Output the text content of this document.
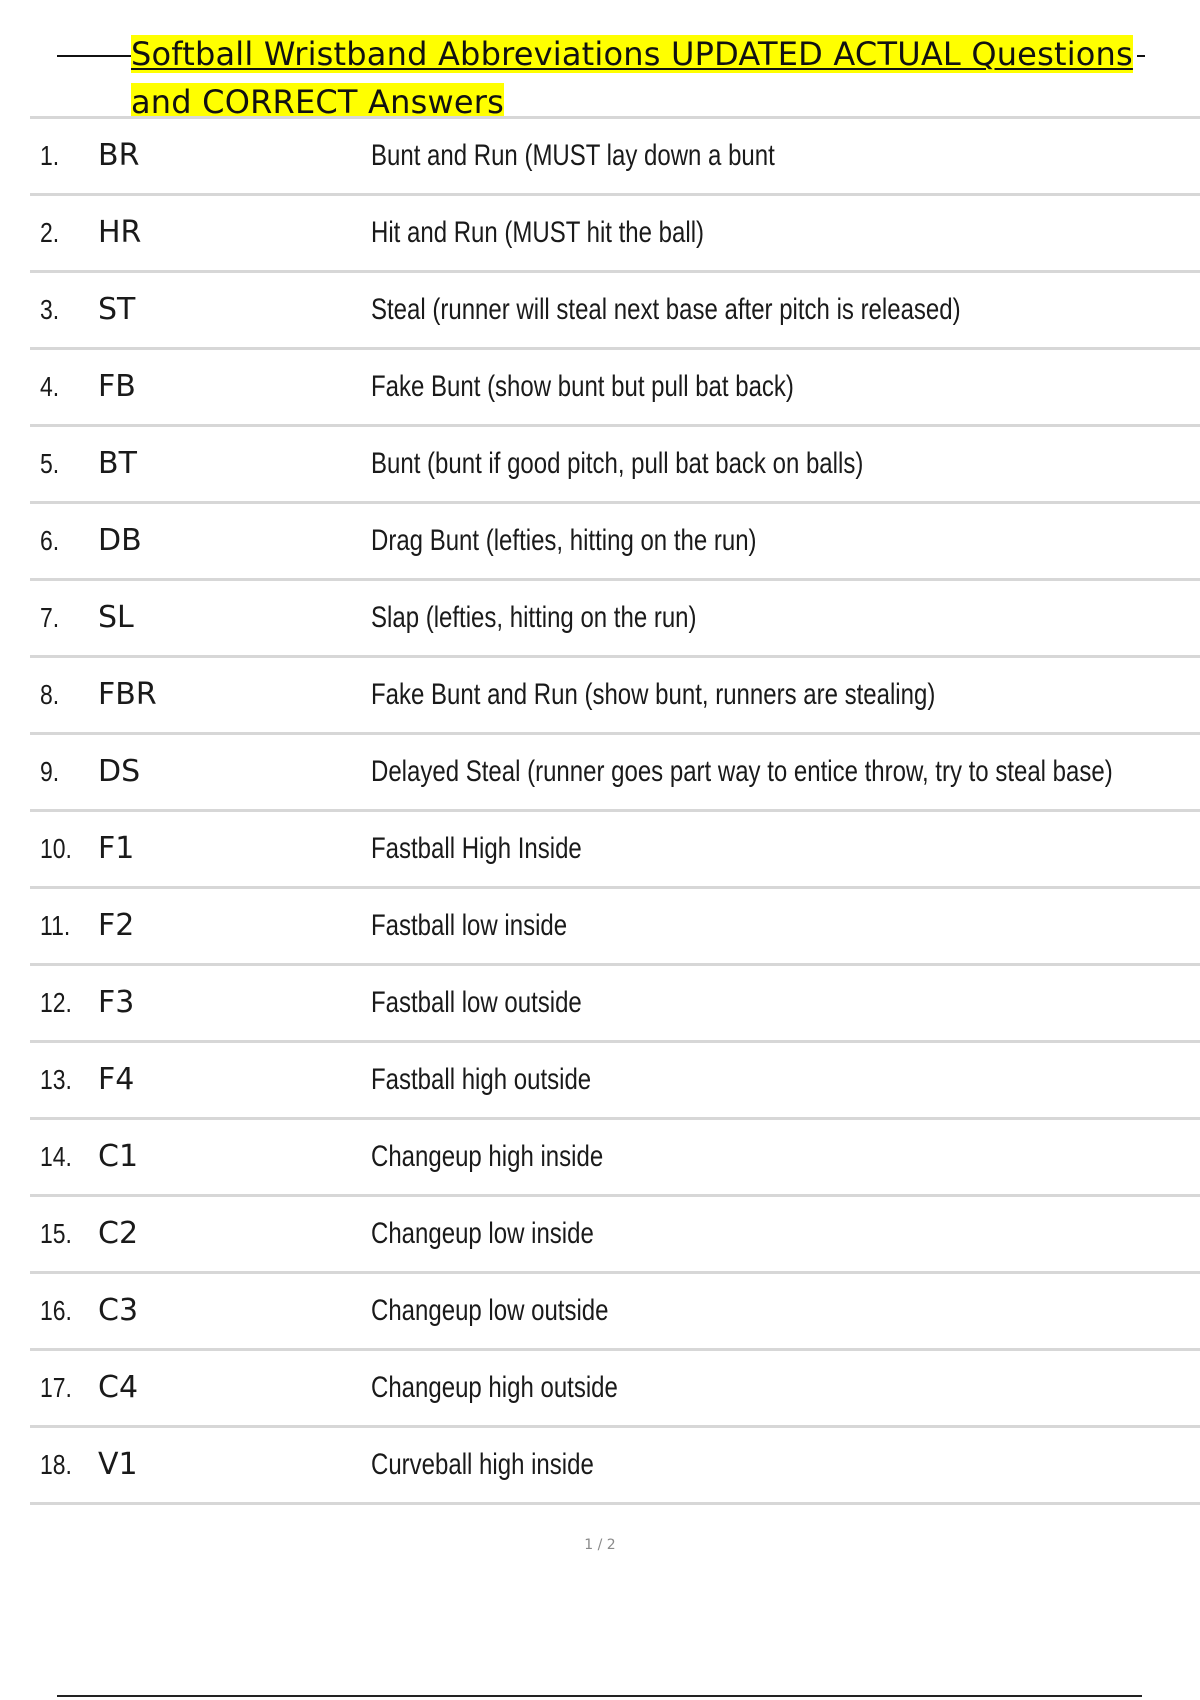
Softball Wristband Abbreviations UPDATED ACTUAL Questions and CORRECT Answers
1. BR	Bunt and Run (MUST lay down a bunt
2. HR	Hit and Run (MUST hit the ball)
3. ST	Steal (runner will steal next base after pitch is released)
4. FB	Fake Bunt (show bunt but pull bat back)
5. BT	Bunt (bunt if good pitch, pull bat back on balls)
6. DB	Drag Bunt (lefties, hitting on the run)
7. SL	Slap (lefties, hitting on the run)
8. FBR	Fake Bunt and Run (show bunt, runners are stealing)
9. DS	Delayed Steal (runner goes part way to entice throw, try to steal base)
10. F1	Fastball High Inside
11. F2	Fastball low inside
12. F3	Fastball low outside
13. F4	Fastball high outside
14. C1	Changeup high inside
15. C2	Changeup low inside
16. C3	Changeup low outside
17. C4	Changeup high outside
18. V1	Curveball high inside
1 / 2
